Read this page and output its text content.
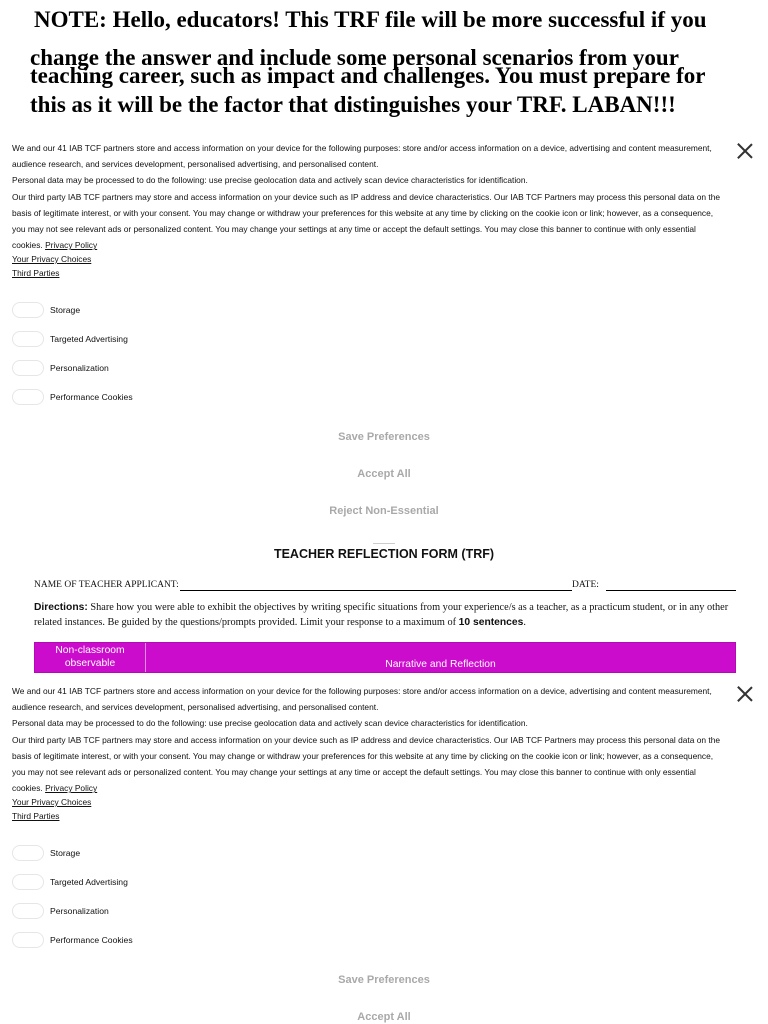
NOTE: Hello, educators! This TRF file will be more successful if you
change the answer and include some personal scenarios from your
teaching career, such as impact and challenges. You must prepare for
this as it will be the factor that distinguishes your TRF. LABAN!!!
We and our 41 IAB TCF partners store and access information on your device for the following purposes: store and/or access information on a device, advertising and content measurement, audience research, and services development, personalised advertising, and personalised content.
Personal data may be processed to do the following: use precise geolocation data and actively scan device characteristics for identification.
Our third party IAB TCF partners may store and access information on your device such as IP address and device characteristics. Our IAB TCF Partners may process this personal data on the basis of legitimate interest, or with your consent. You may change or withdraw your preferences for this website at any time by clicking on the cookie icon or link; however, as a consequence, you may not see relevant ads or personalized content. You may change your settings at any time or accept the default settings. You may close this banner to continue with only essential cookies. Privacy Policy
Your Privacy Choices
Third Parties
Storage
Targeted Advertising
Personalization
Performance Cookies
Save Preferences
Accept All
Reject Non-Essential
TEACHER REFLECTION FORM (TRF)
NAME OF TEACHER APPLICANT:	DATE:
Directions: Share how you were able to exhibit the objectives by writing specific situations from your experience/s as a teacher, as a practicum student, or in any other related instances. Be guided by the questions/prompts provided. Limit your response to a maximum of 10 sentences.
Non-classroom observable	Narrative and Reflection
We and our 41 IAB TCF partners store and access information on your device for the following purposes: store and/or access information on a device, advertising and content measurement, audience research, and services development, personalised advertising, and personalised content.
Personal data may be processed to do the following: use precise geolocation data and actively scan device characteristics for identification.
Our third party IAB TCF partners may store and access information on your device such as IP address and device characteristics. Our IAB TCF Partners may process this personal data on the basis of legitimate interest, or with your consent. You may change or withdraw your preferences for this website at any time by clicking on the cookie icon or link; however, as a consequence, you may not see relevant ads or personalized content. You may change your settings at any time or accept the default settings. You may close this banner to continue with only essential cookies. Privacy Policy
Your Privacy Choices
Third Parties
Storage
Targeted Advertising
Personalization
Performance Cookies
Save Preferences
Accept All
